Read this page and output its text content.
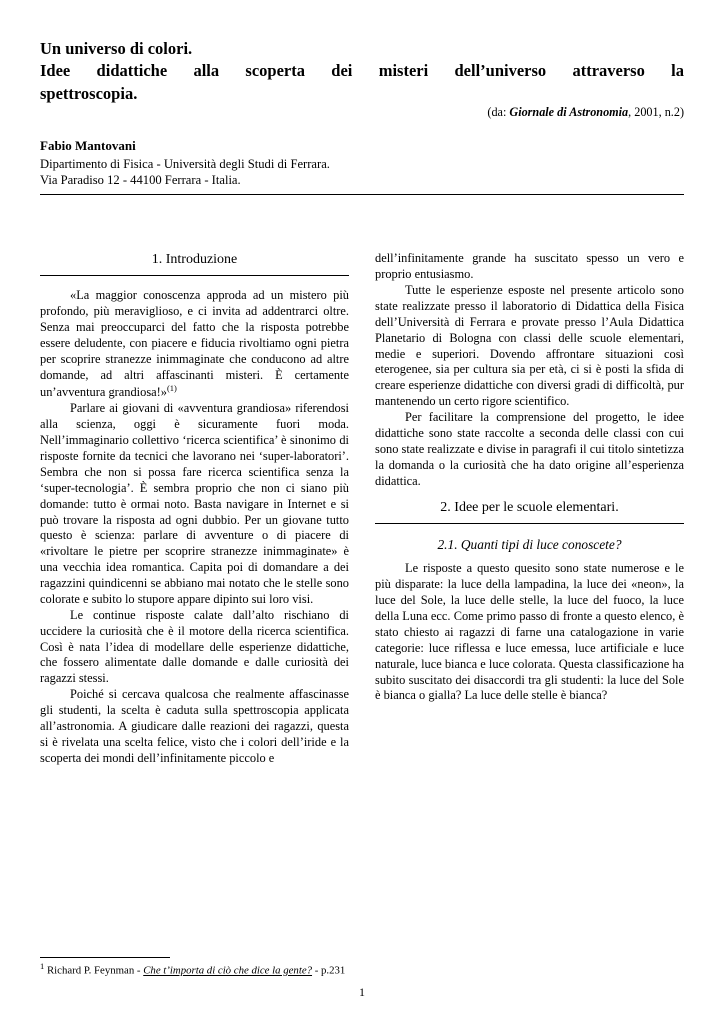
Un universo di colori.
Idee didattiche alla scoperta dei misteri dell’universo attraverso la
spettroscopia.
(da: Giornale di Astronomia, 2001, n.2)
Fabio Mantovani
Dipartimento di Fisica - Università degli Studi di Ferrara.
Via Paradiso 12 - 44100 Ferrara - Italia.
1. Introduzione

«La maggior conoscenza approda ad un mistero più profondo, più meraviglioso, e ci invita ad addentrarci oltre. Senza mai preoccuparci del fatto che la risposta potrebbe essere deludente, con piacere e fiducia rivoltiamo ogni pietra per scoprire stranezze inimmaginate che conducono ad altre domande, ad altri affascinanti misteri. È certamente un’avventura grandiosa!»$^{(1)}$

Parlare ai giovani di «avventura grandiosa» riferendosi alla scienza, oggi è sicuramente fuori moda. Nell’immaginario collettivo ‘ricerca scientifica’ è sinonimo di risposte fornite da tecnici che lavorano nei ‘super-laboratori’. Sembra che non si possa fare ricerca scientifica senza la ‘super-tecnologia’. È sembra proprio che non ci siano più domande: tutto è ormai noto. Basta navigare in Internet e si può trovare la risposta ad ogni dubbio. Per un giovane tutto questo è scienza: parlare di avventure o di piacere di «rivoltare le pietre per scoprire stranezze inimmaginate» è una vecchia idea romantica. Capita poi di domandare a dei ragazzini quindicenni se abbiano mai notato che le stelle sono colorate e subito lo stupore appare dipinto sui loro visi.

Le continue risposte calate dall’alto rischiano di uccidere la curiosità che è il motore della ricerca scientifica. Così è nata l’idea di modellare delle esperienze didattiche, che fossero alimentate dalle domande e dalle curiosità dei ragazzi stessi.

Poiché si cercava qualcosa che realmente affascinasse gli studenti, la scelta è caduta sulla spettroscopia applicata all’astronomia. A giudicare dalle reazioni dei ragazzi, questa si è rivelata una scelta felice, visto che i colori dell’iride e la scoperta dei mondi dell’infinitamente piccolo e

dell’infinitamente grande ha suscitato spesso un vero e proprio entusiasmo.

Tutte le esperienze esposte nel presente articolo sono state realizzate presso il laboratorio di Didattica della Fisica dell’Università di Ferrara e provate presso l’Aula Didattica Planetario di Bologna con classi delle scuole elementari, medie e superiori. Dovendo affrontare situazioni così eterogenee, sia per cultura sia per età, ci si è posti la sfida di creare esperienze didattiche con diversi gradi di difficoltà, pur mantenendo un certo rigore scientifico.

Per facilitare la comprensione del progetto, le idee didattiche sono state raccolte a seconda delle classi con cui sono state realizzate e divise in paragrafi il cui titolo sintetizza la domanda o la curiosità che ha dato origine all’esperienza didattica.

2. Idee per le scuole elementari.
2.1. Quanti tipi di luce conoscete?

Le risposte a questo quesito sono state numerose e le più disparate: la luce della lampadina, la luce dei «neon», la luce del Sole, la luce delle stelle, la luce del fuoco, la luce della Luna ecc. Come primo passo di fronte a questo elenco, è stato chiesto ai ragazzi di farne una catalogazione in varie categorie: luce riflessa e luce emessa, luce artificiale e luce naturale, luce bianca e luce colorata. Questa classificazione ha subito suscitato dei disaccordi tra gli studenti: la luce del Sole è bianca o gialla? La luce delle stelle è bianca?

$^1$ Richard P. Feynman - Che t’importa di ciò che dice la gente? - p.231
1
